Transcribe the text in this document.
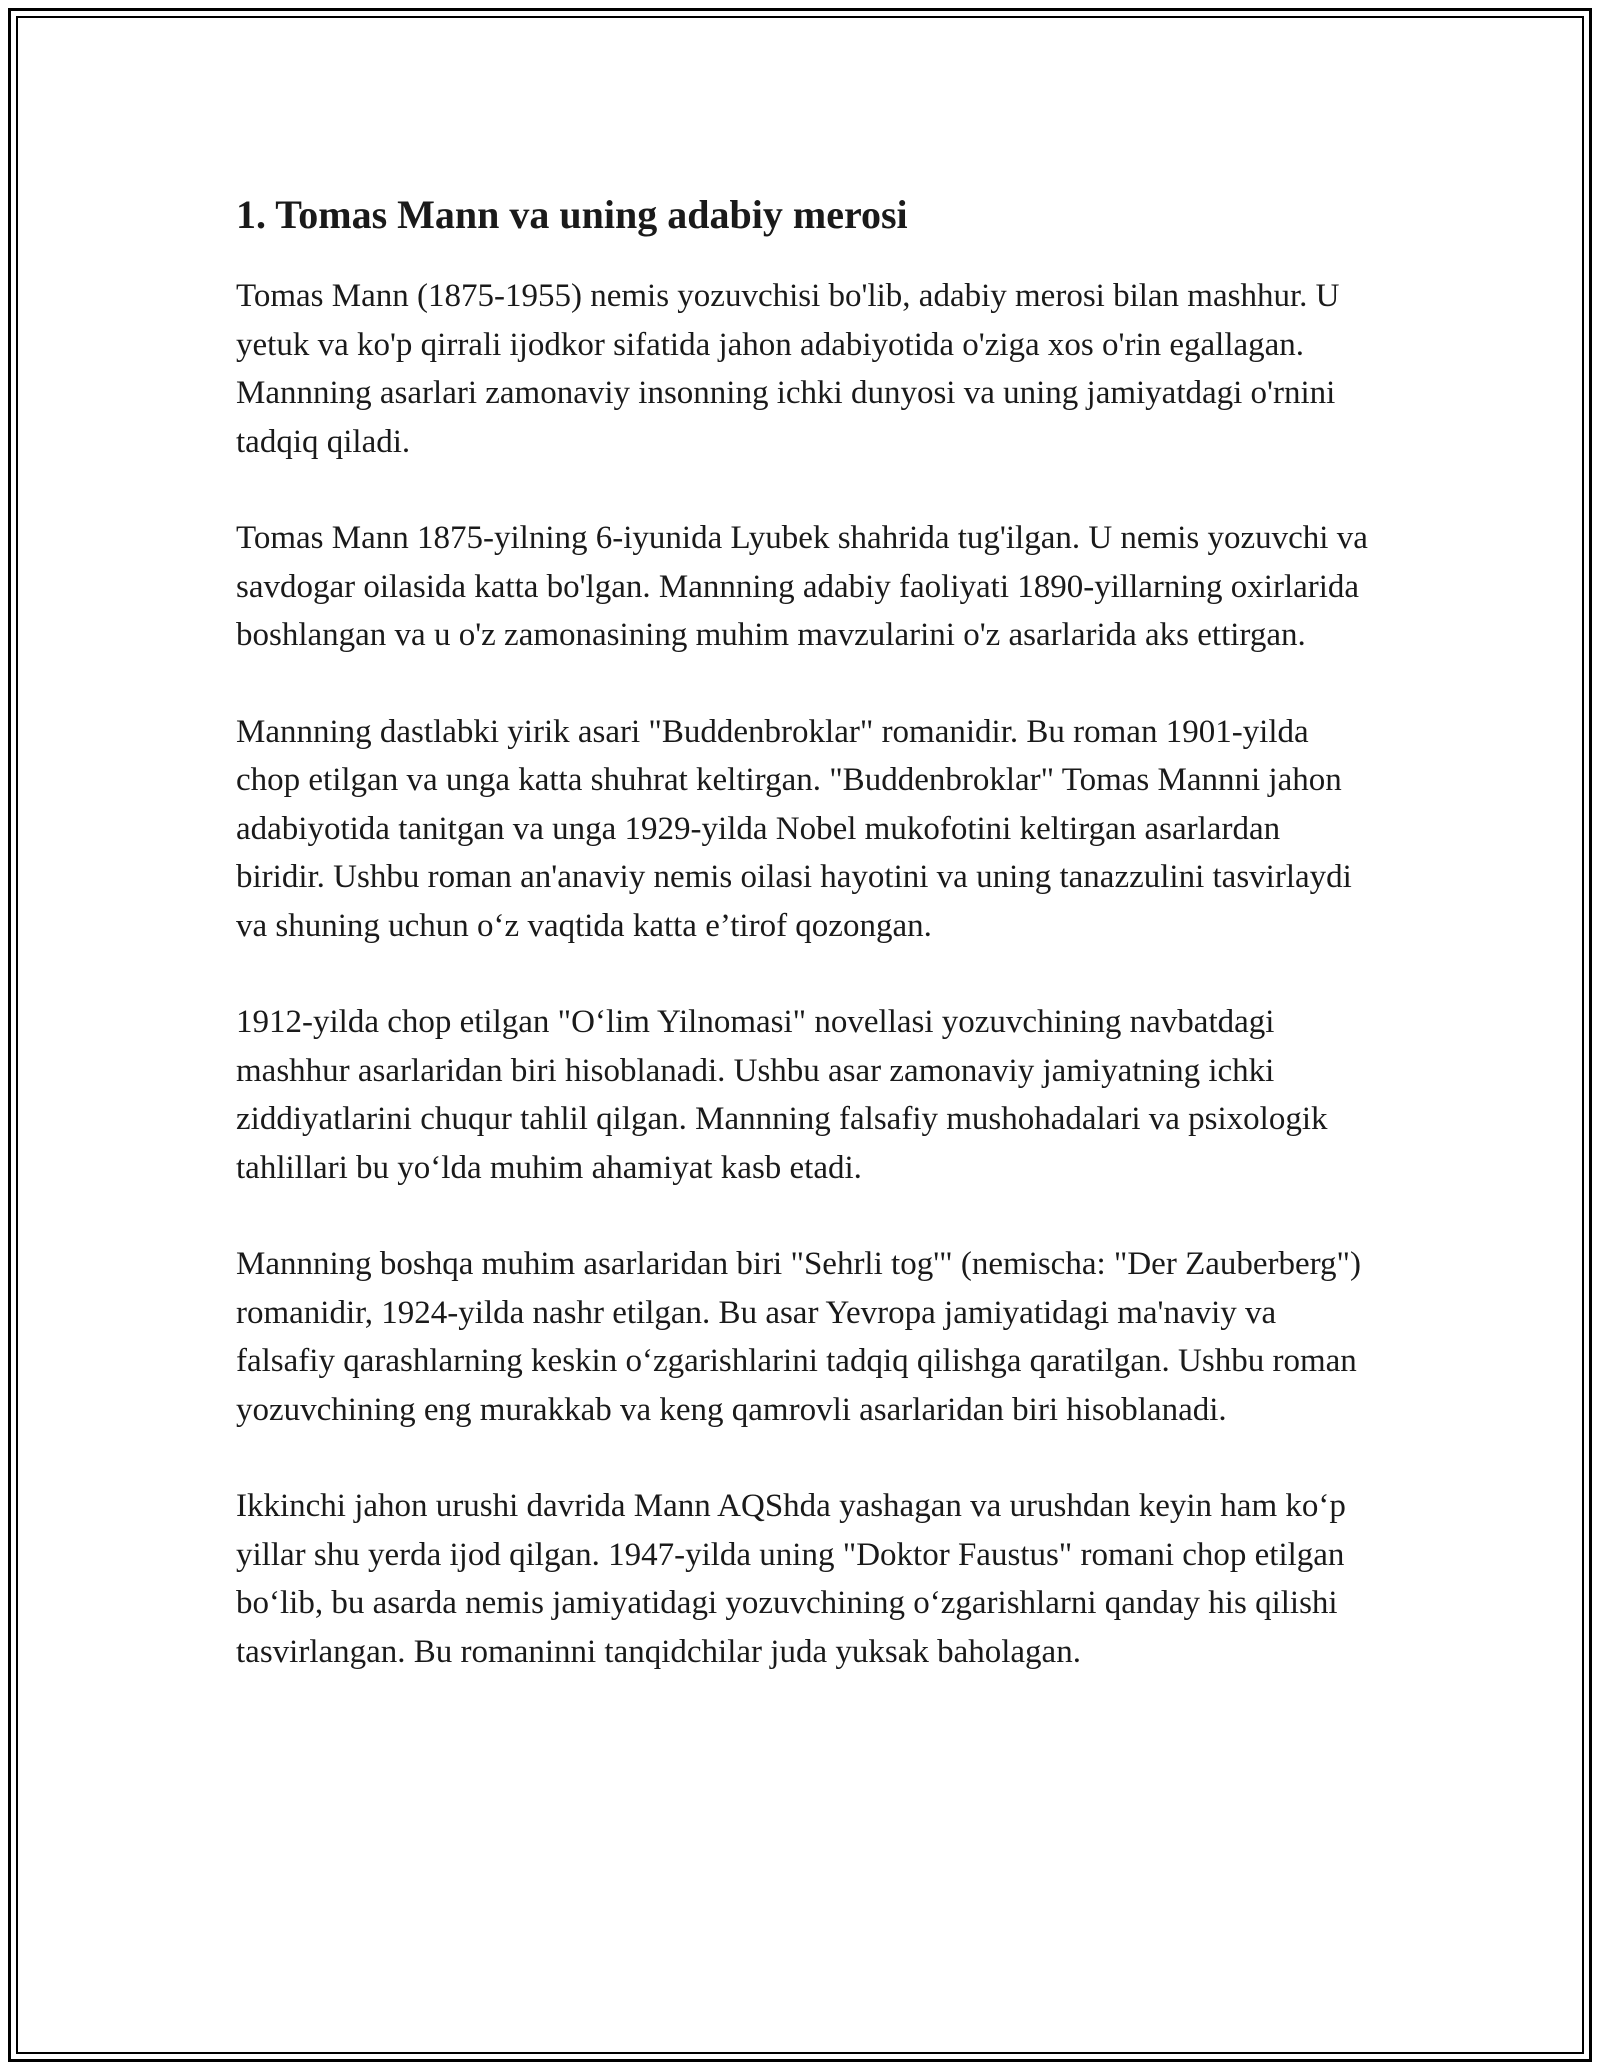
1. Tomas Mann va uning adabiy merosi

Tomas Mann (1875-1955) nemis yozuvchisi bo'lib, adabiy merosi bilan mashhur. U yetuk va ko'p qirrali ijodkor sifatida jahon adabiyotida o'ziga xos o'rin egallagan. Mannning asarlari zamonaviy insonning ichki dunyosi va uning jamiyatdagi o'rnini tadqiq qiladi.

Tomas Mann 1875-yilning 6-iyunida Lyubek shahrida tug'ilgan. U nemis yozuvchi va savdogar oilasida katta bo'lgan. Mannning adabiy faoliyati 1890-yillarning oxirlarida boshlangan va u o'z zamonasining muhim mavzularini o'z asarlarida aks ettirgan.

Mannning dastlabki yirik asari "Buddenbroklar" romanidir. Bu roman 1901-yilda chop etilgan va unga katta shuhrat keltirgan. "Buddenbroklar" Tomas Mannni jahon adabiyotida tanitgan va unga 1929-yilda Nobel mukofotini keltirgan asarlardan biridir. Ushbu roman an'anaviy nemis oilasi hayotini va uning tanazzulini tasvirlaydi va shuning uchun o‘z vaqtida katta e’tirof qozongan.

1912-yilda chop etilgan "O‘lim Yilnomasi" novellasi yozuvchining navbatdagi mashhur asarlaridan biri hisoblanadi. Ushbu asar zamonaviy jamiyatning ichki ziddiyatlarini chuqur tahlil qilgan. Mannning falsafiy mushohadalari va psixologik tahlillari bu yo‘lda muhim ahamiyat kasb etadi.

Mannning boshqa muhim asarlaridan biri "Sehrli tog'" (nemischa: "Der Zauberberg") romanidir, 1924-yilda nashr etilgan. Bu asar Yevropa jamiyatidagi ma'naviy va falsafiy qarashlarning keskin o‘zgarishlarini tadqiq qilishga qaratilgan. Ushbu roman yozuvchining eng murakkab va keng qamrovli asarlaridan biri hisoblanadi.

Ikkinchi jahon urushi davrida Mann AQShda yashagan va urushdan keyin ham ko‘p yillar shu yerda ijod qilgan. 1947-yilda uning "Doktor Faustus" romani chop etilgan bo‘lib, bu asarda nemis jamiyatidagi yozuvchining o‘zgarishlarni qanday his qilishi tasvirlangan. Bu romaninni tanqidchilar juda yuksak baholagan.
